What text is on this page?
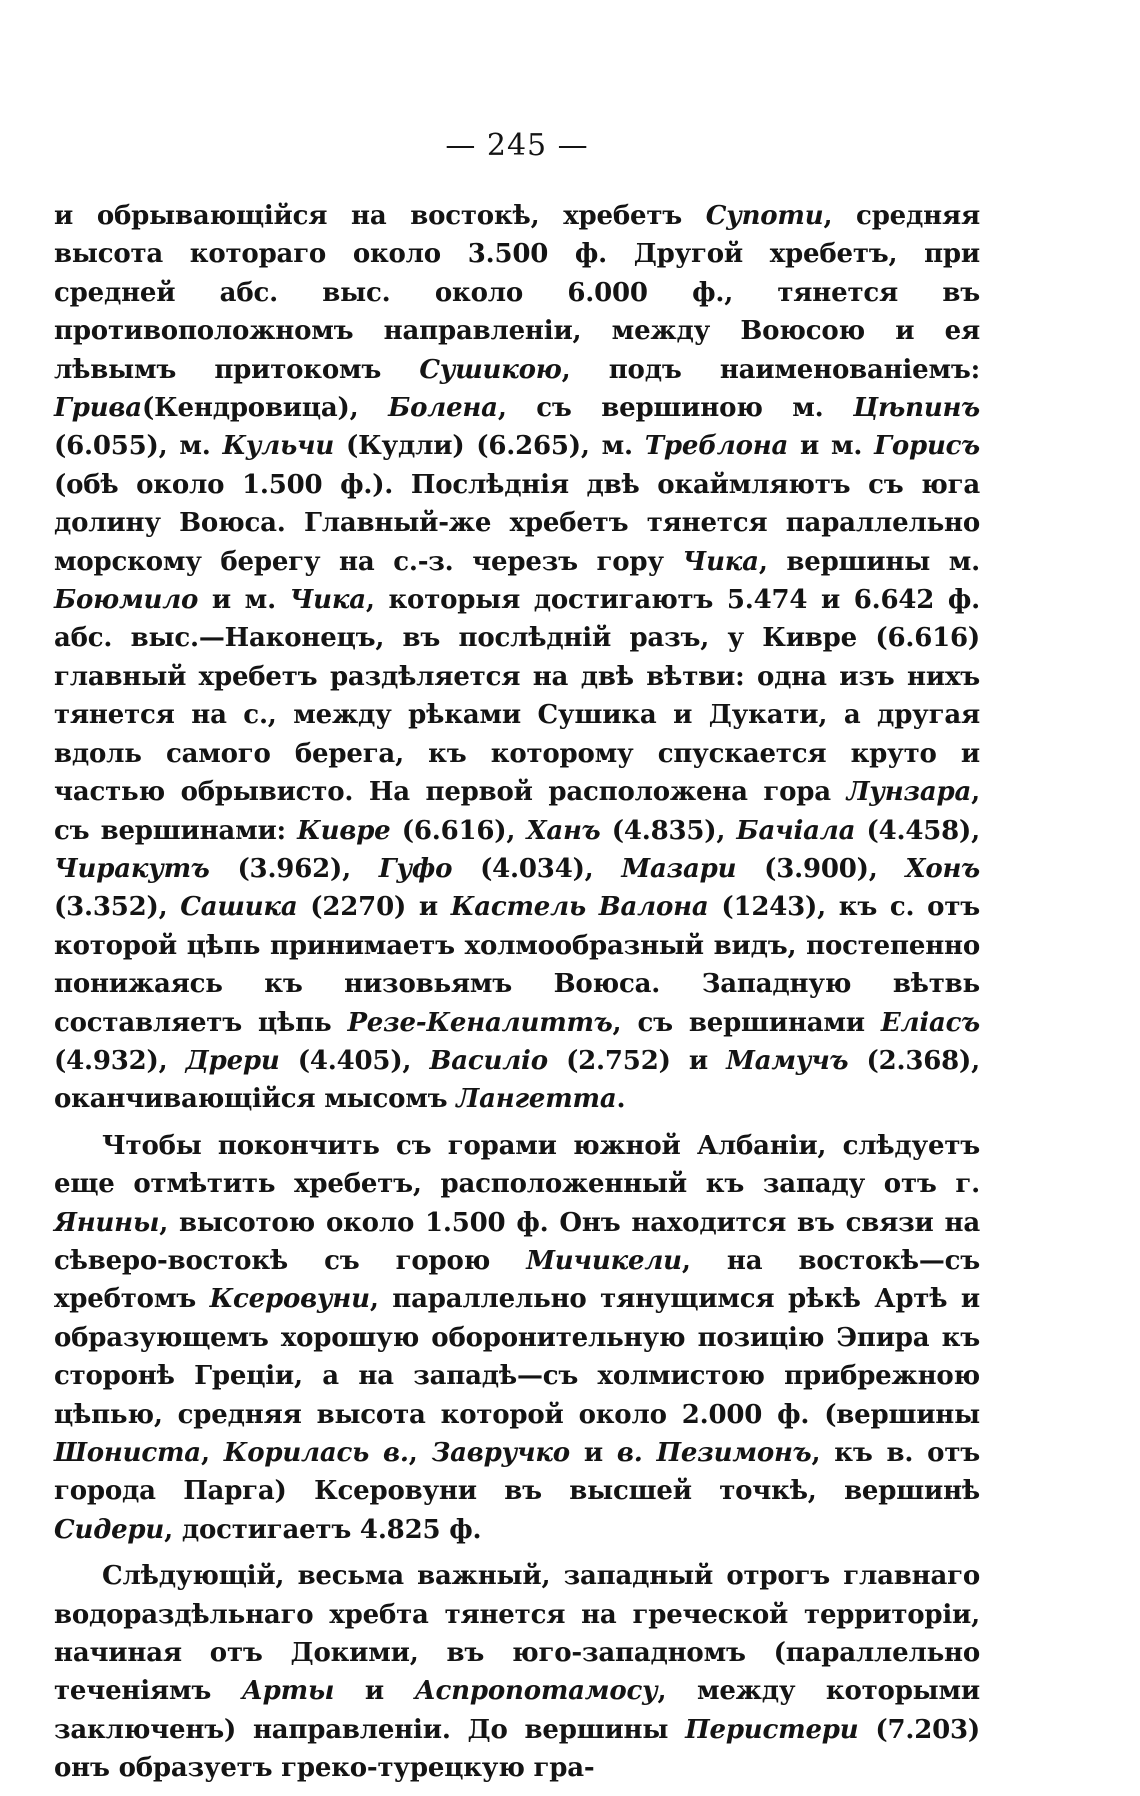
— 245 —

и обрывающійся на востокѣ, хребетъ Супоти, средняя высота котораго около 3.500 ф. Другой хребетъ, при средней абс. выс. около 6.000 ф., тянется въ противоположномъ направленіи, между Воюсою и ея лѣвымъ притокомъ Сушикою, подъ наименованіемъ: Грива(Кендровица), Болена, съ вершиною м. Цѣпинъ (6.055), м. Кульчи (Кудли) (6.265), м. Треблона и м. Горисъ (обѣ около 1.500 ф.). Послѣднія двѣ окаймляютъ съ юга долину Воюса. Главный-же хребетъ тянется параллельно морскому берегу на с.-з. черезъ гору Чика, вершины м. Боюмило и м. Чика, которыя достигаютъ 5.474 и 6.642 ф. абс. выс.—Наконецъ, въ послѣдній разъ, у Кивре (6.616) главный хребетъ раздѣляется на двѣ вѣтви: одна изъ нихъ тянется на с., между рѣками Сушика и Дукати, а другая вдоль самого берега, къ которому спускается круто и частью обрывисто. На первой расположена гора Лунзара, съ вершинами: Кивре (6.616), Ханъ (4.835), Бачіала (4.458), Чиракутъ (3.962), Гуфо (4.034), Мазари (3.900), Хонъ (3.352), Сашика (2270) и Кастель Валона (1243), къ с. отъ которой цѣпь принимаетъ холмообразный видъ, постепенно понижаясь къ низовьямъ Воюса. Западную вѣтвь составляетъ цѣпь Резе-Кеналиттъ, съ вершинами Еліасъ (4.932), Дрери (4.405), Василіо (2.752) и Мамучъ (2.368), оканчивающійся мысомъ Лангетта.

Чтобы покончить съ горами южной Албаніи, слѣдуетъ еще отмѣтить хребетъ, расположенный къ западу отъ г. Янины, высотою около 1.500 ф. Онъ находится въ связи на сѣверо-востокѣ съ горою Мичикели, на востокѣ—съ хребтомъ Ксеровуни, параллельно тянущимся рѣкѣ Артѣ и образующемъ хорошую оборонительную позицію Эпира къ сторонѣ Греціи, а на западѣ—съ холмистою прибрежною цѣпью, средняя высота которой около 2.000 ф. (вершины Шониста, Корилась в., Завручко и в. Пезимонъ, къ в. отъ города Парга) Ксеровуни въ высшей точкѣ, вершинѣ Сидери, достигаетъ 4.825 ф.

Слѣдующій, весьма важный, западный отрогъ главнаго водораздѣльнаго хребта тянется на греческой территоріи, начиная отъ Докими, въ юго-западномъ (параллельно теченіямъ Арты и Аспропотамосу, между которыми заключенъ) направленіи. До вершины Перистери (7.203) онъ образуетъ греко-турецкую гра-
